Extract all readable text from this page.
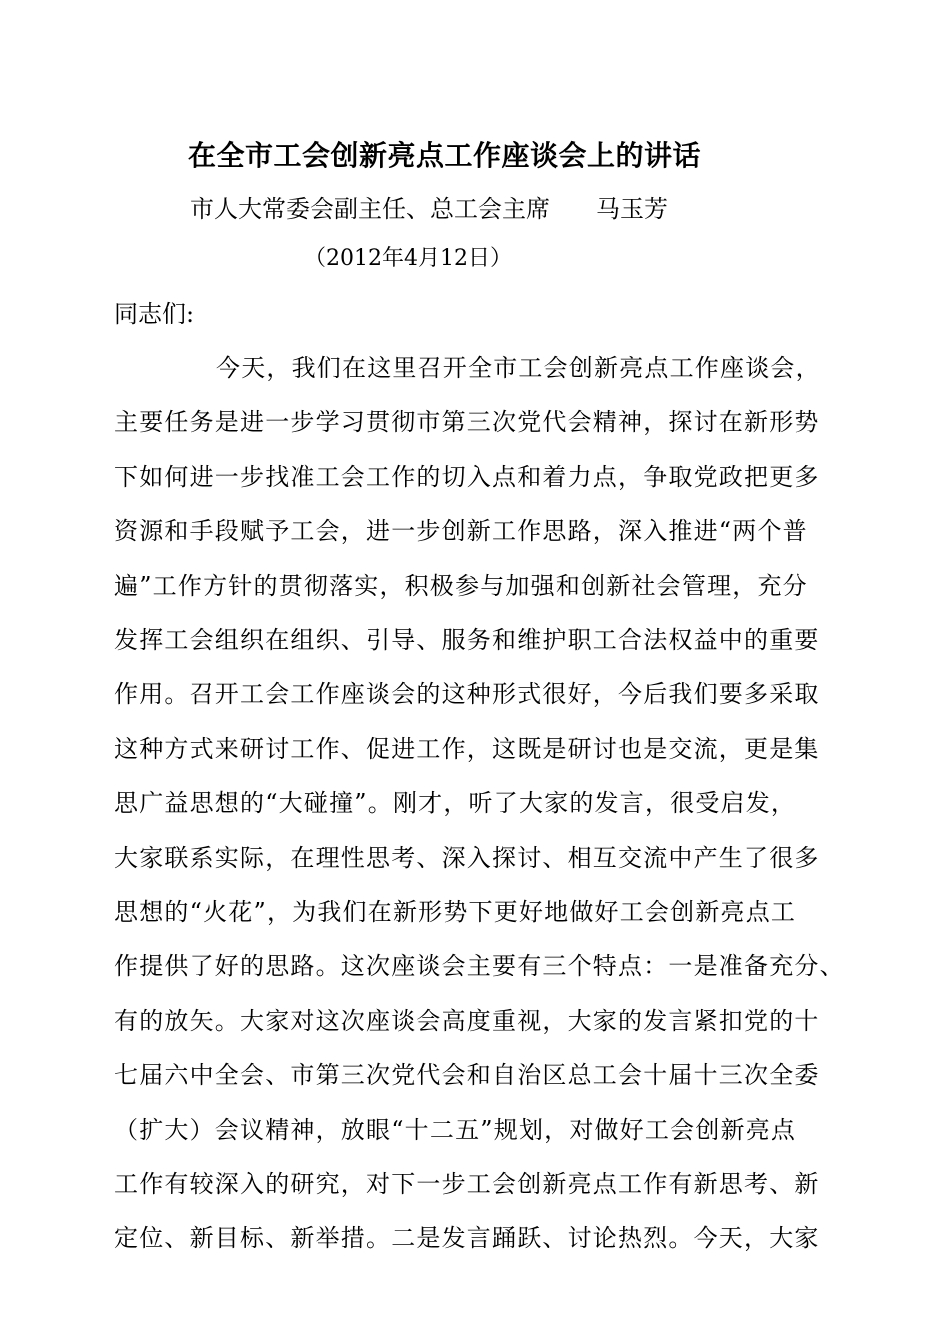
在全市工会创新亮点工作座谈会上的讲话
市人大常委会副主任、总工会主席 马玉芳
（2012年4月12日）
同志们:
今天，我们在这里召开全市工会创新亮点工作座谈会，
主要任务是进一步学习贯彻市第三次党代会精神，探讨在新形势
下如何进一步找准工会工作的切入点和着力点，争取党政把更多
资源和手段赋予工会，进一步创新工作思路，深入推进“两个普
遍”工作方针的贯彻落实，积极参与加强和创新社会管理，充分
发挥工会组织在组织、引导、服务和维护职工合法权益中的重要
作用。召开工会工作座谈会的这种形式很好，今后我们要多采取
这种方式来研讨工作、促进工作，这既是研讨也是交流，更是集
思广益思想的“大碰撞”。刚才，听了大家的发言，很受启发，
大家联系实际，在理性思考、深入探讨、相互交流中产生了很多
思想的“火花”，为我们在新形势下更好地做好工会创新亮点工
作提供了好的思路。这次座谈会主要有三个特点：一是准备充分、
有的放矢。大家对这次座谈会高度重视，大家的发言紧扣党的十
七届六中全会、市第三次党代会和自治区总工会十届十三次全委
（扩大）会议精神，放眼“十二五”规划，对做好工会创新亮点
工作有较深入的研究，对下一步工会创新亮点工作有新思考、新
定位、新目标、新举措。二是发言踊跃、讨论热烈。今天，大家
